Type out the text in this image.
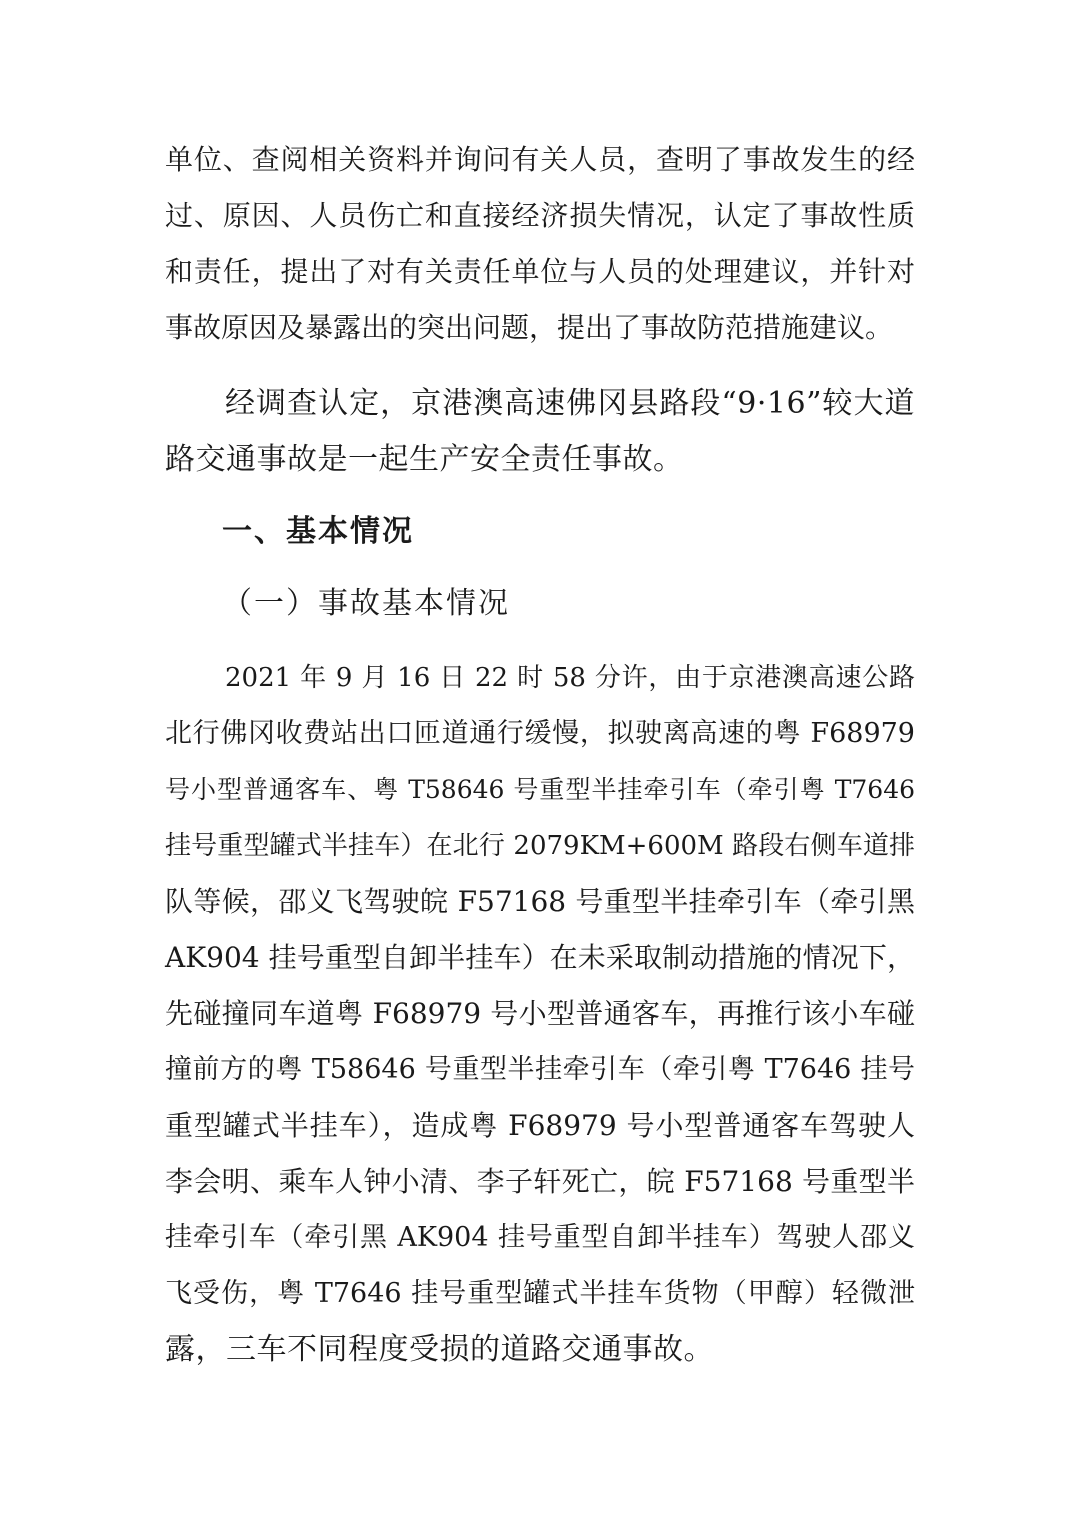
单位、查阅相关资料并询问有关人员，查明了事故发生的经
过、原因、人员伤亡和直接经济损失情况，认定了事故性质
和责任，提出了对有关责任单位与人员的处理建议，并针对
事故原因及暴露出的突出问题，提出了事故防范措施建议。
经调查认定，京港澳高速佛冈县路段“9·16”较大道
路交通事故是一起生产安全责任事故。
一、基本情况
（一）事故基本情况
2021 年 9 月 16 日 22 时 58 分许，由于京港澳高速公路
北行佛冈收费站出口匝道通行缓慢，拟驶离高速的粤 F68979
号小型普通客车、粤 T58646 号重型半挂牵引车（牵引粤 T7646
挂号重型罐式半挂车）在北行 2079KM+600M 路段右侧车道排
队等候，邵义飞驾驶皖 F57168 号重型半挂牵引车（牵引黑
AK904 挂号重型自卸半挂车）在未采取制动措施的情况下，
先碰撞同车道粤 F68979 号小型普通客车，再推行该小车碰
撞前方的粤 T58646 号重型半挂牵引车（牵引粤 T7646 挂号
重型罐式半挂车），造成粤 F68979 号小型普通客车驾驶人
李会明、乘车人钟小清、李子轩死亡，皖 F57168 号重型半
挂牵引车（牵引黑 AK904 挂号重型自卸半挂车）驾驶人邵义
飞受伤，粤 T7646 挂号重型罐式半挂车货物（甲醇）轻微泄
露，三车不同程度受损的道路交通事故。
